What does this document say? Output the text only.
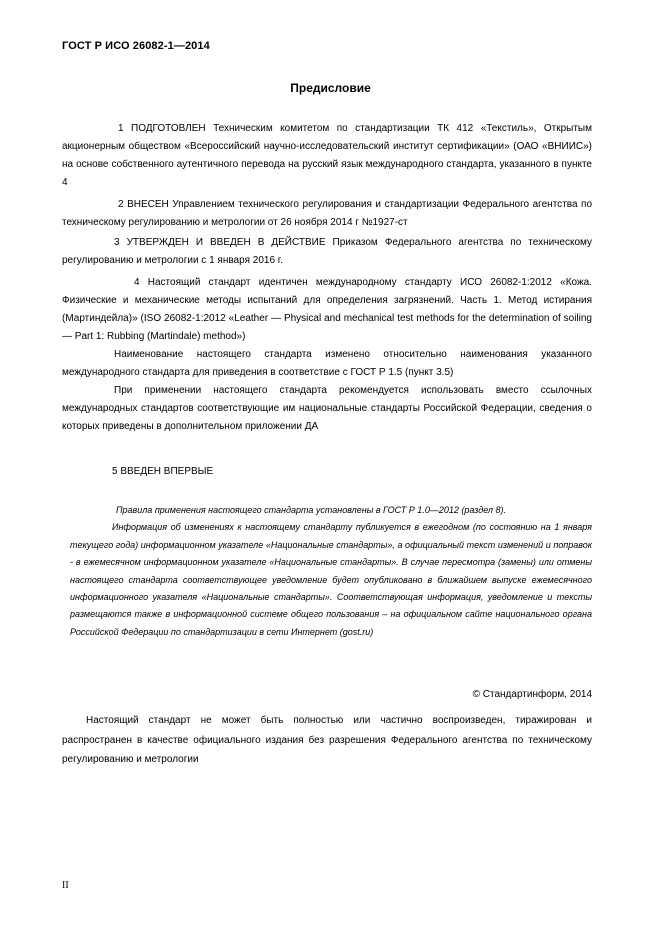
ГОСТ Р ИСО 26082-1—2014
Предисловие

1 ПОДГОТОВЛЕН Техническим комитетом по стандартизации ТК 412 «Текстиль», Открытым акционерным обществом «Всероссийский научно-исследовательский институт сертификации» (ОАО «ВНИИС») на основе собственного аутентичного перевода на русский язык международного стандарта, указанного в пункте 4

2 ВНЕСЕН Управлением технического регулирования и стандартизации Федерального агентства по техническому регулированию и метрологии от 26 ноября 2014 г №1927-ст

3 УТВЕРЖДЕН И ВВЕДЕН В ДЕЙСТВИЕ Приказом Федерального агентства по техническому регулированию и метрологии с 1 января 2016 г.

4 Настоящий стандарт идентичен международному стандарту ИСО 26082-1:2012 «Кожа. Физические и механические методы испытаний для определения загрязнений. Часть 1. Метод истирания (Мартиндейла)» (ISO 26082-1:2012 «Leather — Physical and mechanical test methods for the determination of soiling — Part 1: Rubbing (Martindale) method»)

Наименование настоящего стандарта изменено относительно наименования указанного международного стандарта для приведения в соответствие с ГОСТ Р 1.5 (пункт 3.5)

При применении настоящего стандарта рекомендуется использовать вместо ссылочных международных стандартов соответствующие им национальные стандарты Российской Федерации, сведения о которых приведены в дополнительном приложении ДА

5 ВВЕДЕН ВПЕРВЫЕ

Правила применения настоящего стандарта установлены в ГОСТ Р 1.0—2012 (раздел 8).

Информация об изменениях к настоящему стандарту публикуется в ежегодном (по состоянию на 1 января текущего года) информационном указателе «Национальные стандарты», а официальный текст изменений и поправок - в ежемесячном информационном указателе «Национальные стандарты». В случае пересмотра (замены) или отмены настоящего стандарта соответствующее уведомление будет опубликовано в ближайшем выпуске ежемесячного информационного указателя «Национальные стандарты». Соответствующая информация, уведомление и тексты размещаются также в информационной системе общего пользования – на официальном сайте национального органа Российской Федерации по стандартизации в сети Интернет (gost.ru)

© Стандартинформ, 2014

Настоящий стандарт не может быть полностью или частично воспроизведен, тиражирован и распространен в качестве официального издания без разрешения Федерального агентства по техническому регулированию и метрологии

II
